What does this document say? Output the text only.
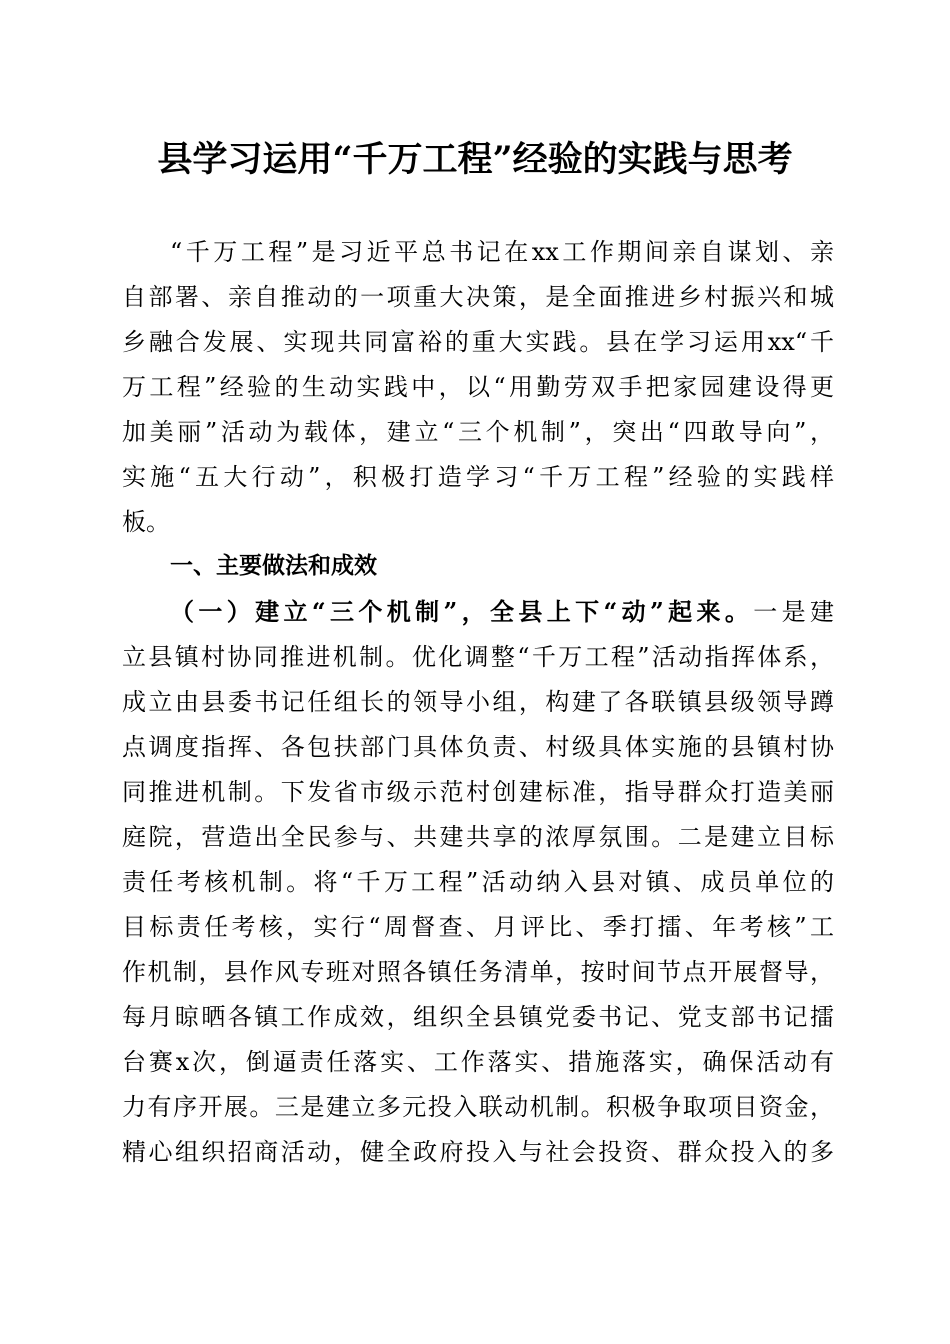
县学习运用“千万工程”经验的实践与思考
“千万工程”是习近平总书记在xx工作期间亲自谋划、亲
自部署、亲自推动的一项重大决策，是全面推进乡村振兴和城
乡融合发展、实现共同富裕的重大实践。县在学习运用xx“千
万工程”经验的生动实践中，以“用勤劳双手把家园建设得更
加美丽”活动为载体，建立“三个机制”，突出“四敢导向”，
实施“五大行动”，积极打造学习“千万工程”经验的实践样
板。
一、主要做法和成效
（一）建立“三个机制”，全县上下“动”起来。一是建
立县镇村协同推进机制。优化调整“千万工程”活动指挥体系，
成立由县委书记任组长的领导小组，构建了各联镇县级领导蹲
点调度指挥、各包扶部门具体负责、村级具体实施的县镇村协
同推进机制。下发省市级示范村创建标准，指导群众打造美丽
庭院，营造出全民参与、共建共享的浓厚氛围。二是建立目标
责任考核机制。将“千万工程”活动纳入县对镇、成员单位的
目标责任考核，实行“周督查、月评比、季打擂、年考核”工
作机制，县作风专班对照各镇任务清单，按时间节点开展督导，
每月晾晒各镇工作成效，组织全县镇党委书记、党支部书记擂
台赛x次，倒逼责任落实、工作落实、措施落实，确保活动有
力有序开展。三是建立多元投入联动机制。积极争取项目资金，
精心组织招商活动，健全政府投入与社会投资、群众投入的多
